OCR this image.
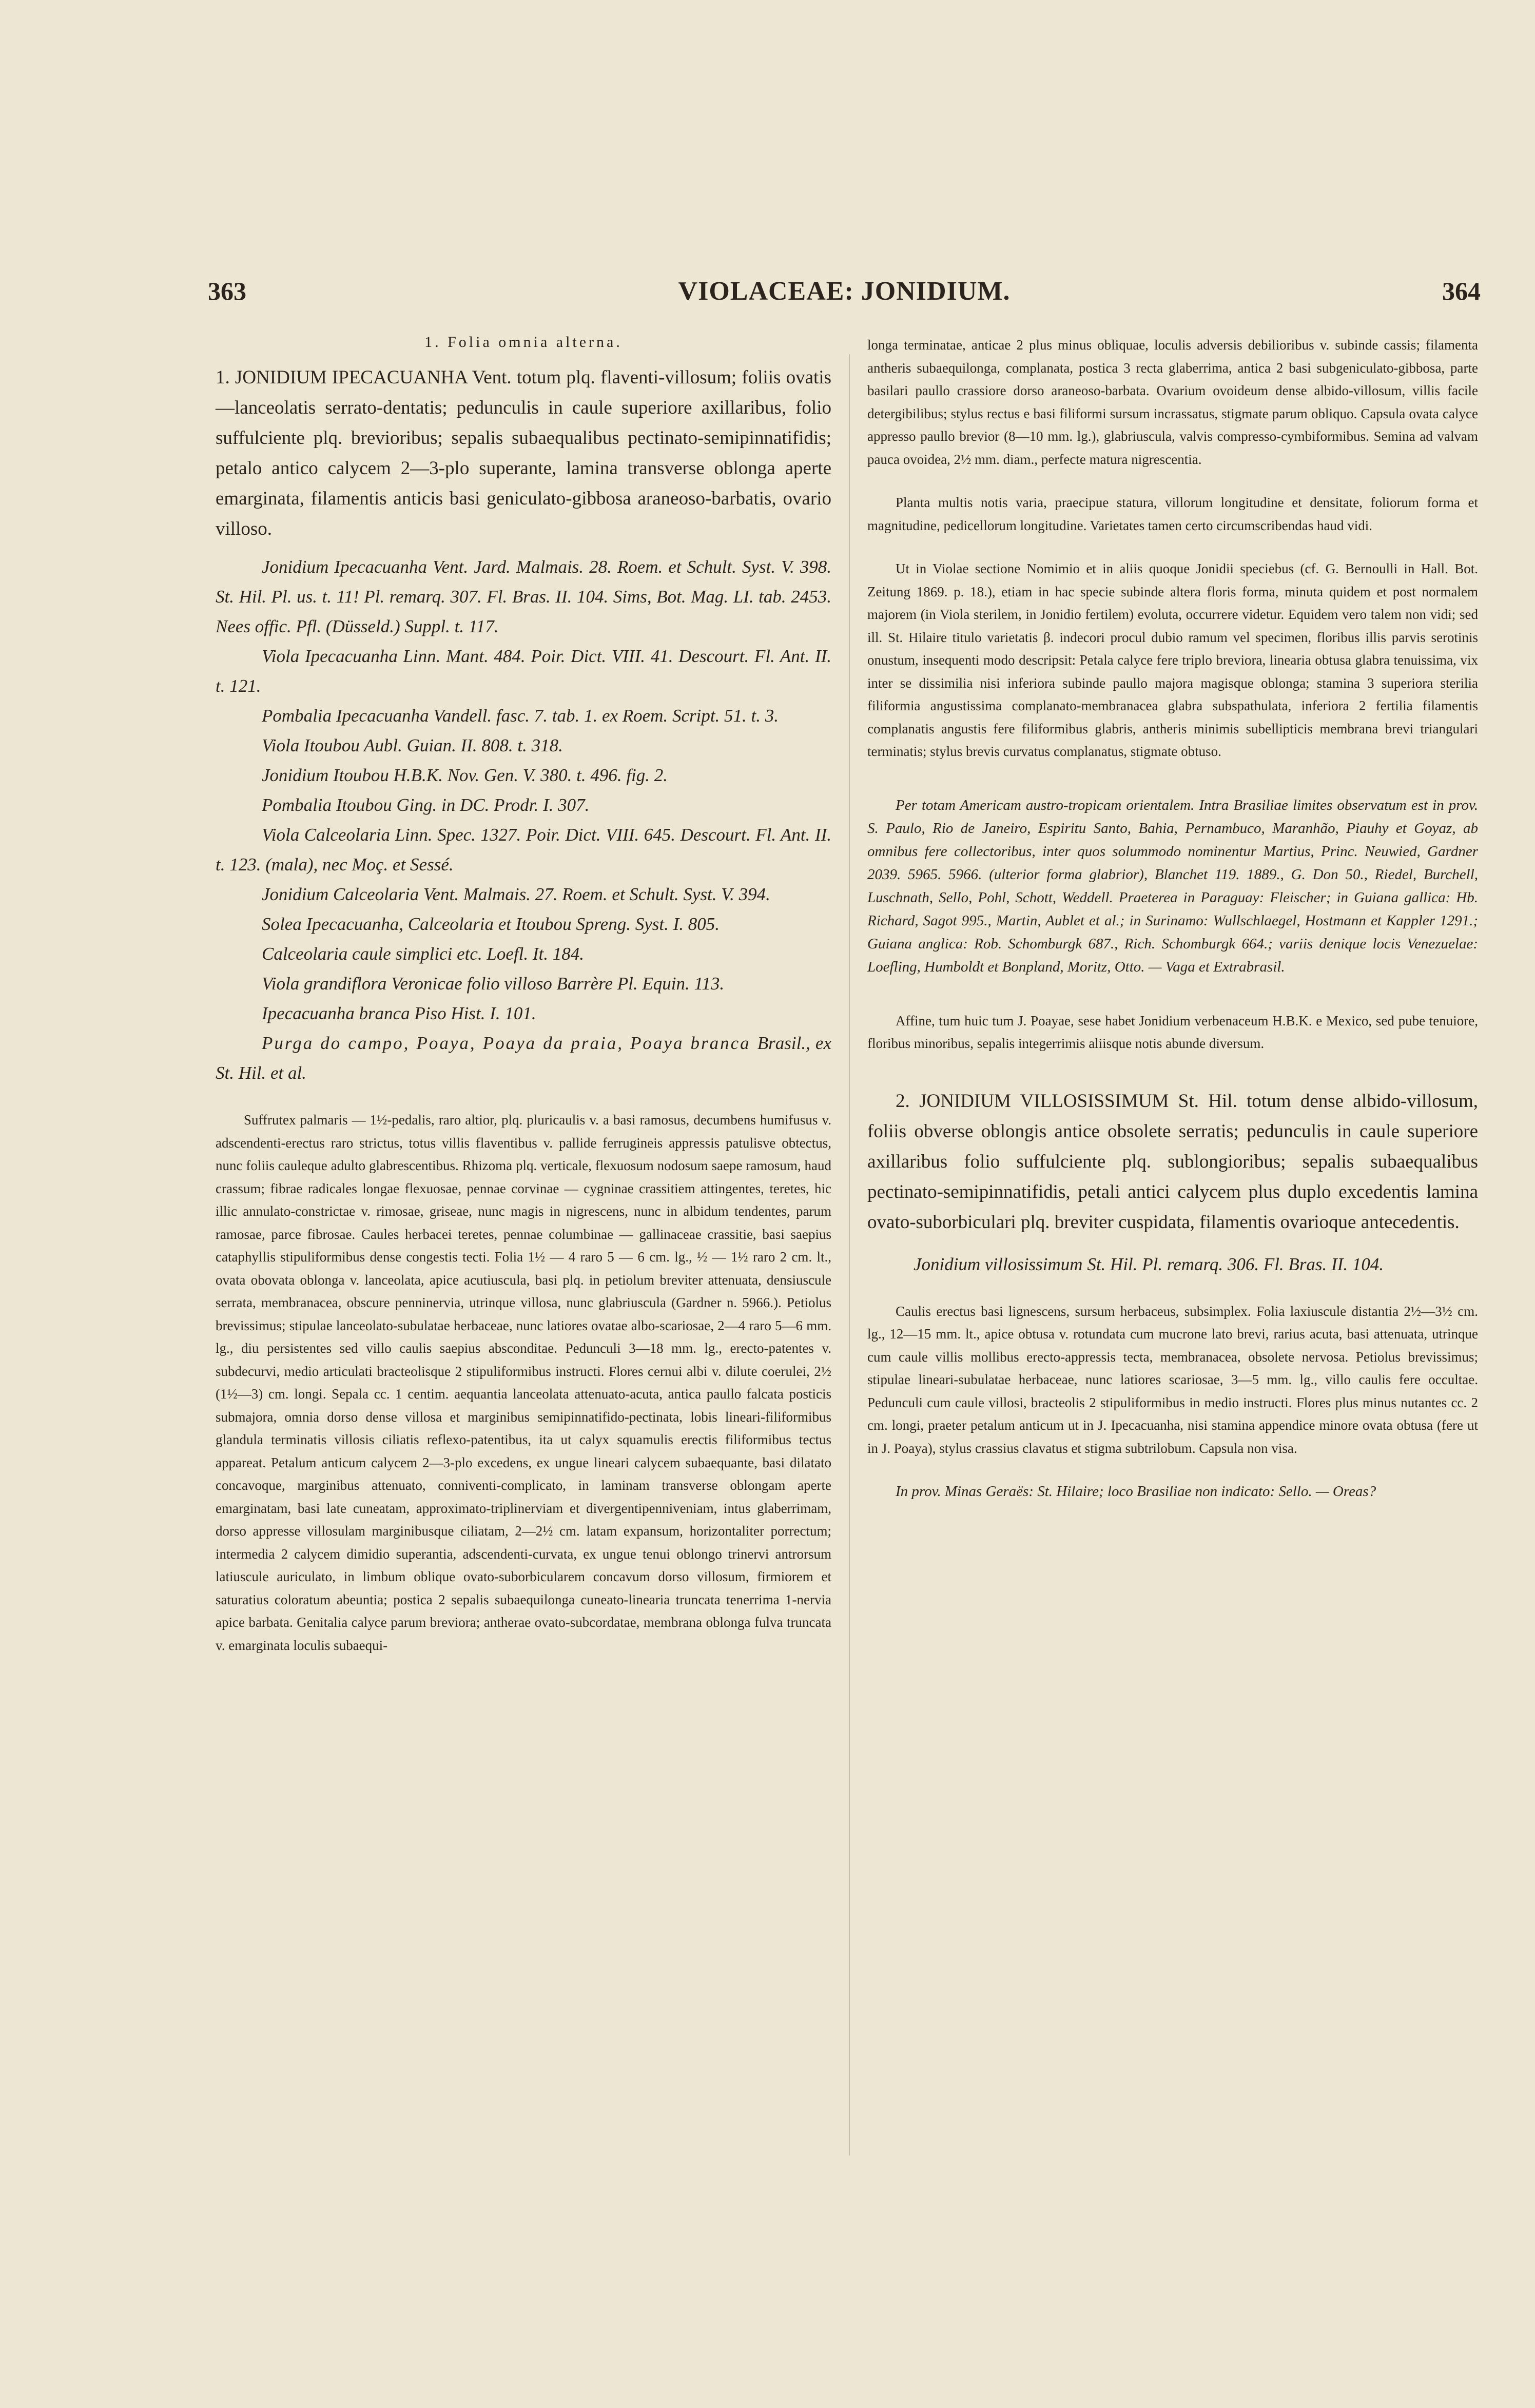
363	VIOLACEAE: JONIDIUM.	364
1. Folia omnia alterna.
1. JONIDIUM IPECACUANHA Vent. totum plq. flaventi-villosum; foliis ovatis—lanceolatis serrato-dentatis; pedunculis in caule superiore axillaribus, folio suffulciente plq. brevioribus; sepalis subaequalibus pectinato-semipinnatifidis; petalo antico calycem 2—3-plo superante, lamina transverse oblonga aperte emarginata, filamentis anticis basi geniculato-gibbosa araneoso-barbatis, ovario villoso.

Jonidium Ipecacuanha Vent. Jard. Malmais. 28. Roem. et Schult. Syst. V. 398. St. Hil. Pl. us. t. 11! Pl. remarq. 307. Fl. Bras. II. 104. Sims, Bot. Mag. LI. tab. 2453. Nees offic. Pfl. (Düsseld.) Suppl. t. 117.

Viola Ipecacuanha Linn. Mant. 484. Poir. Dict. VIII. 41. Descourt. Fl. Ant. II. t. 121.

Pombalia Ipecacuanha Vandell. fasc. 7. tab. 1. ex Roem. Script. 51. t. 3.

Viola Itoubou Aubl. Guian. II. 808. t. 318.

Jonidium Itoubou H.B.K. Nov. Gen. V. 380. t. 496. fig. 2.

Pombalia Itoubou Ging. in DC. Prodr. I. 307.

Viola Calceolaria Linn. Spec. 1327. Poir. Dict. VIII. 645. Descourt. Fl. Ant. II. t. 123. (mala), nec Moç. et Sessé.

Jonidium Calceolaria Vent. Malmais. 27. Roem. et Schult. Syst. V. 394.

Solea Ipecacuanha, Calceolaria et Itoubou Spreng. Syst. I. 805.

Calceolaria caule simplici etc. Loefl. It. 184.

Viola grandiflora Veronicae folio villoso Barrère Pl. Equin. 113.

Ipecacuanha branca Piso Hist. I. 101.

Purga do campo, Poaya, Poaya da praia, Poaya branca Brasil., ex St. Hil. et al.

Suffrutex palmaris — 1½-pedalis, raro altior, plq. pluricaulis v. a basi ramosus, decumbens humifusus v. adscendenti-erectus raro strictus, totus villis flaventibus v. pallide ferrugineis appressis patulisve obtectus, nunc foliis cauleque adulto glabrescentibus. Rhizoma plq. verticale, flexuosum nodosum saepe ramosum, haud crassum; fibrae radicales longae flexuosae, pennae corvinae — cygninae crassitiem attingentes, teretes, hic illic annulato-constrictae v. rimosae, griseae, nunc magis in nigrescens, nunc in albidum tendentes, parum ramosae, parce fibrosae. Caules herbacei teretes, pennae columbinae — gallinaceae crassitie, basi saepius cataphyllis stipuliformibus dense congestis tecti. Folia 1½ — 4 raro 5 — 6 cm. lg., ½ — 1½ raro 2 cm. lt., ovata obovata oblonga v. lanceolata, apice acutiuscula, basi plq. in petiolum breviter attenuata, densiuscule serrata, membranacea, obscure penninervia, utrinque villosa, nunc glabriuscula (Gardner n. 5966.). Petiolus brevissimus; stipulae lanceolato-subulatae herbaceae, nunc latiores ovatae albo-scariosae, 2—4 raro 5—6 mm. lg., diu persistentes sed villo caulis saepius absconditae. Pedunculi 3—18 mm. lg., erecto-patentes v. subdecurvi, medio articulati bracteolisque 2 stipuliformibus instructi. Flores cernui albi v. dilute coerulei, 2½ (1½—3) cm. longi. Sepala cc. 1 centim. aequantia lanceolata attenuato-acuta, antica paullo falcata posticis submajora, omnia dorso dense villosa et marginibus semipinnatifido-pectinata, lobis lineari-filiformibus glandula terminatis villosis ciliatis reflexo-patentibus, ita ut calyx squamulis erectis filiformibus tectus appareat. Petalum anticum calycem 2—3-plo excedens, ex ungue lineari calycem subaequante, basi dilatato concavoque, marginibus attenuato, conniventi-complicato, in laminam transverse oblongam aperte emarginatam, basi late cuneatam, approximato-triplinerviam et divergentipenniveniam, intus glaberrimam, dorso appresse villosulam marginibusque ciliatam, 2—2½ cm. latam expansum, horizontaliter porrectum; intermedia 2 calycem dimidio superantia, adscendenti-curvata, ex ungue tenui oblongo trinervi antrorsum latiuscule auriculato, in limbum oblique ovato-suborbicularem concavum dorso villosum, firmiorem et saturatius coloratum abeuntia; postica 2 sepalis subaequilonga cuneato-linearia truncata tenerrima 1-nervia apice barbata. Genitalia calyce parum breviora; antherae ovato-subcordatae, membrana oblonga fulva truncata v. emarginata loculis subaequi-

longa terminatae, anticae 2 plus minus obliquae, loculis adversis debilioribus v. subinde cassis; filamenta antheris subaequilonga, complanata, postica 3 recta glaberrima, antica 2 basi subgeniculato-gibbosa, parte basilari paullo crassiore dorso araneoso-barbata. Ovarium ovoideum dense albido-villosum, villis facile detergibilibus; stylus rectus e basi filiformi sursum incrassatus, stigmate parum obliquo. Capsula ovata calyce appresso paullo brevior (8—10 mm. lg.), glabriuscula, valvis compresso-cymbiformibus. Semina ad valvam pauca ovoidea, 2½ mm. diam., perfecte matura nigrescentia.

Planta multis notis varia, praecipue statura, villorum longitudine et densitate, foliorum forma et magnitudine, pedicellorum longitudine. Varietates tamen certo circumscribendas haud vidi.

Ut in Violae sectione Nomimio et in aliis quoque Jonidii speciebus (cf. G. Bernoulli in Hall. Bot. Zeitung 1869. p. 18.), etiam in hac specie subinde altera floris forma, minuta quidem et post normalem majorem (in Viola sterilem, in Jonidio fertilem) evoluta, occurrere videtur. Equidem vero talem non vidi; sed ill. St. Hilaire titulo varietatis β. indecori procul dubio ramum vel specimen, floribus illis parvis serotinis onustum, insequenti modo descripsit: Petala calyce fere triplo breviora, linearia obtusa glabra tenuissima, vix inter se dissimilia nisi inferiora subinde paullo majora magisque oblonga; stamina 3 superiora sterilia filiformia angustissima complanato-membranacea glabra subspathulata, inferiora 2 fertilia filamentis complanatis angustis fere filiformibus glabris, antheris minimis subellipticis membrana brevi triangulari terminatis; stylus brevis curvatus complanatus, stigmate obtuso.

Per totam Americam austro-tropicam orientalem. Intra Brasiliae limites observatum est in prov. S. Paulo, Rio de Janeiro, Espiritu Santo, Bahia, Pernambuco, Maranhão, Piauhy et Goyaz, ab omnibus fere collectoribus, inter quos solummodo nominentur Martius, Princ. Neuwied, Gardner 2039. 5965. 5966. (ulterior forma glabrior), Blanchet 119. 1889., G. Don 50., Riedel, Burchell, Luschnath, Sello, Pohl, Schott, Weddell. Praeterea in Paraguay: Fleischer; in Guiana gallica: Hb. Richard, Sagot 995., Martin, Aublet et al.; in Surinamo: Wullschlaegel, Hostmann et Kappler 1291.; Guiana anglica: Rob. Schomburgk 687., Rich. Schomburgk 664.; variis denique locis Venezuelae: Loefling, Humboldt et Bonpland, Moritz, Otto. — Vaga et Extrabrasil.

Affine, tum huic tum J. Poayae, sese habet Jonidium verbenaceum H.B.K. e Mexico, sed pube tenuiore, floribus minoribus, sepalis integerrimis aliisque notis abunde diversum.

2. JONIDIUM VILLOSISSIMUM St. Hil. totum dense albido-villosum, foliis obverse oblongis antice obsolete serratis; pedunculis in caule superiore axillaribus folio suffulciente plq. sublongioribus; sepalis subaequalibus pectinato-semipinnatifidis, petali antici calycem plus duplo excedentis lamina ovato-suborbiculari plq. breviter cuspidata, filamentis ovarioque antecedentis.

Jonidium villosissimum St. Hil. Pl. remarq. 306. Fl. Bras. II. 104.

Caulis erectus basi lignescens, sursum herbaceus, subsimplex. Folia laxiuscule distantia 2½—3½ cm. lg., 12—15 mm. lt., apice obtusa v. rotundata cum mucrone lato brevi, rarius acuta, basi attenuata, utrinque cum caule villis mollibus erecto-appressis tecta, membranacea, obsolete nervosa. Petiolus brevissimus; stipulae lineari-subulatae herbaceae, nunc latiores scariosae, 3—5 mm. lg., villo caulis fere occultae. Pedunculi cum caule villosi, bracteolis 2 stipuliformibus in medio instructi. Flores plus minus nutantes cc. 2 cm. longi, praeter petalum anticum ut in J. Ipecacuanha, nisi stamina appendice minore ovata obtusa (fere ut in J. Poaya), stylus crassius clavatus et stigma subtrilobum. Capsula non visa.

In prov. Minas Geraës: St. Hilaire; loco Brasiliae non indicato: Sello. — Oreas?
